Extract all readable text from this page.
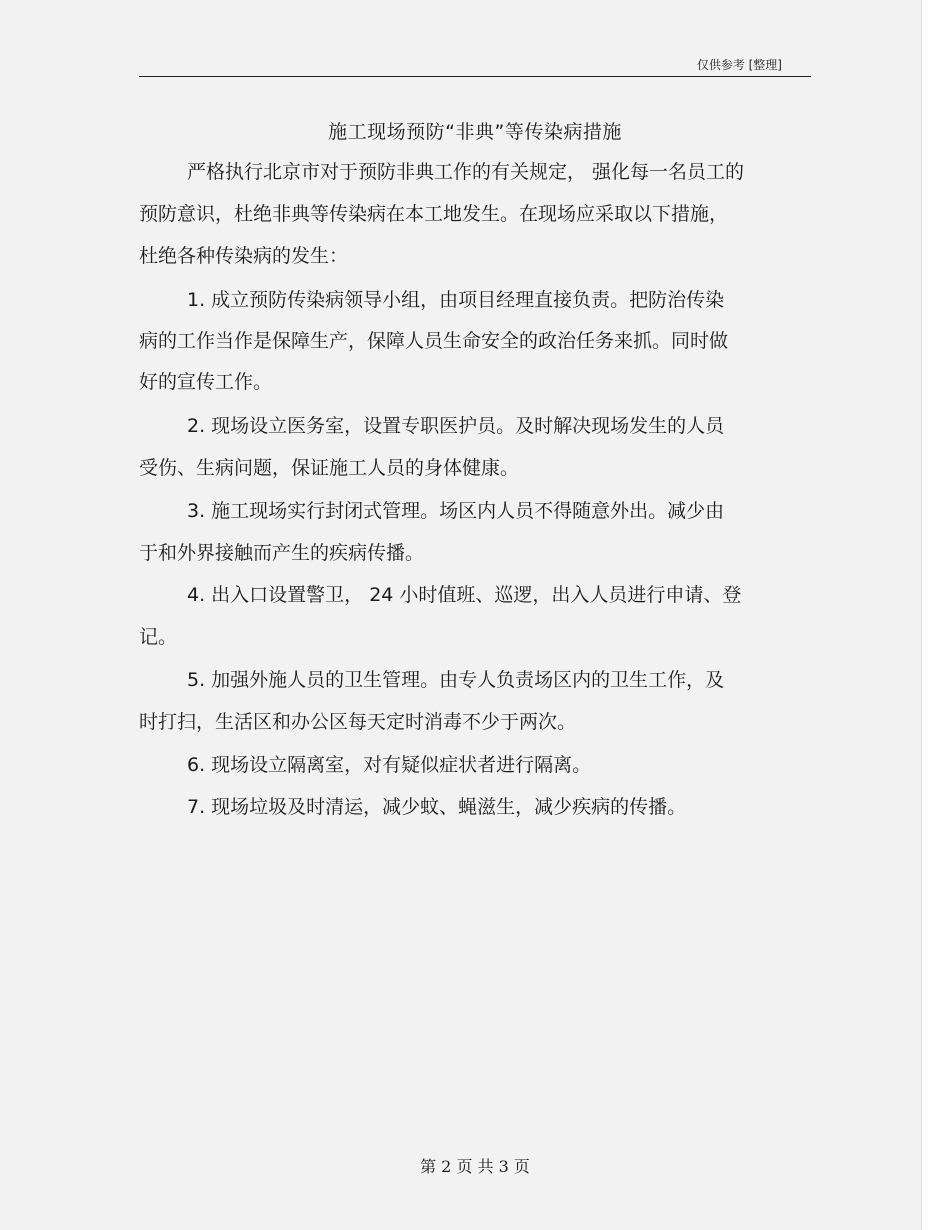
仅供参考 [整理]
施工现场预防“非典”等传染病措施
严格执行北京市对于预防非典工作的有关规定， 强化每一名员工的
预防意识，杜绝非典等传染病在本工地发生。在现场应采取以下措施，
杜绝各种传染病的发生：
1. 成立预防传染病领导小组，由项目经理直接负责。把防治传染
病的工作当作是保障生产，保障人员生命安全的政治任务来抓。同时做
好的宣传工作。
2. 现场设立医务室，设置专职医护员。及时解决现场发生的人员
受伤、生病问题，保证施工人员的身体健康。
3. 施工现场实行封闭式管理。场区内人员不得随意外出。减少由
于和外界接触而产生的疾病传播。
4. 出入口设置警卫， 24 小时值班、巡逻，出入人员进行申请、登
记。
5. 加强外施人员的卫生管理。由专人负责场区内的卫生工作，及
时打扫，生活区和办公区每天定时消毒不少于两次。
6. 现场设立隔离室，对有疑似症状者进行隔离。
7. 现场垃圾及时清运，减少蚊、蝇滋生，减少疾病的传播。
第 2 页 共 3 页
